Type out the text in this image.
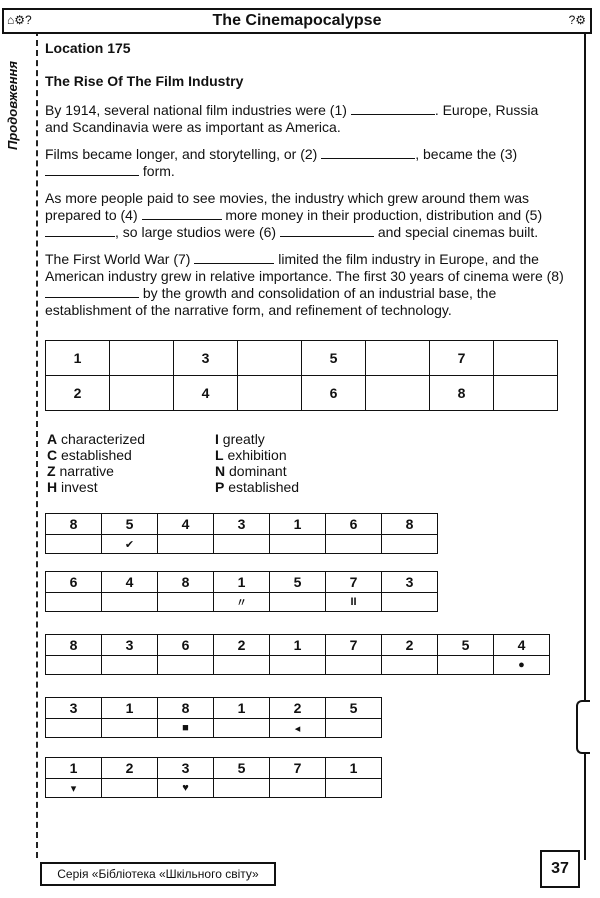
⌂⚙?	The Cinemapocalypse	?⚙
Продовження
Location 175
The Rise Of The Film Industry

By 1914, several national film industries were (1)	. Europe, Russia and Scandinavia were as important as America.

Films became longer, and storytelling, or (2)	, became the (3)  form.

As more people paid to see movies, the industry which grew around them was prepared to (4)	more money in their production, distribution and (5) , so large studios were (6)	and special cinemas built.

The First World War (7)	limited the film industry in Europe, and the American industry grew in relative importance. The first 30 years of cinema were (8)  by the growth and consolidation of an industrial base, the establishment of the narrative form, and refinement of technology.

1		3		5		7	
2		4		6		8	
A characterized
C established
Z narrative
H invest
I greatly
L exhibition
N dominant
P established
8	5	4	3	1	6	8
	✔					
6	4	8	1	5	7	3
			〃		II	
8	3	6	2	1	7	2	5	4
								●
3	1	8	1	2	5
		■		◂	
1	2	3	5	7	1
▾		♥			
Серія «Бібліотека «Шкільного світу»	37
